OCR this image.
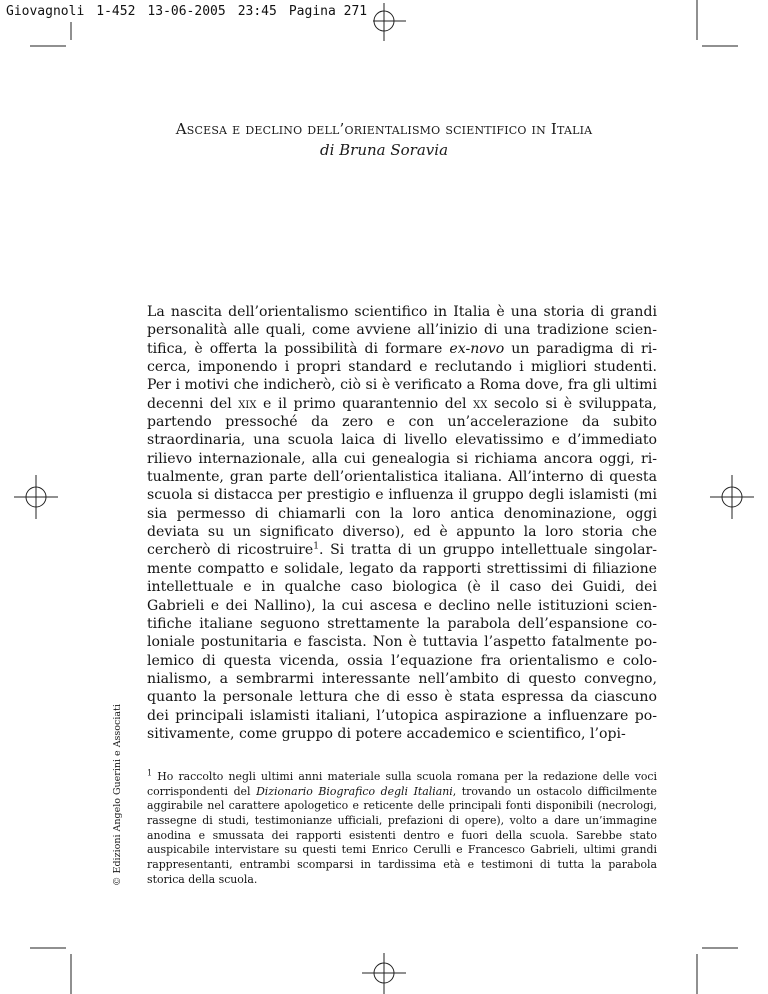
Giovagnoli 1-452 13-06-2005 23:45 Pagina 271
Ascesa e declino dell’orientalismo scientifico in Italia
di Bruna Soravia
La nascita dell’orientalismo scientifico in Italia è una storia di grandi personalità alle quali, come avviene all’inizio di una tradizione scientifica, è offerta la possibilità di formare ex-novo un paradigma di ricerca, imponendo i propri standard e reclutando i migliori studenti. Per i motivi che indicherò, ciò si è verificato a Roma dove, fra gli ultimi decenni del xix e il primo quarantennio del xx secolo si è sviluppata, partendo pressoché da zero e con un’accelerazione da subito straordinaria, una scuola laica di livello elevatissimo e d’immediato rilievo internazionale, alla cui genealogia si richiama ancora oggi, ritualmente, gran parte dell’orientalistica italiana. All’interno di questa scuola si distacca per prestigio e influenza il gruppo degli islamisti (mi sia permesso di chiamarli con la loro antica denominazione, oggi deviata su un significato diverso), ed è appunto la loro storia che cercherò di ricostruire$^1$. Si tratta di un gruppo intellettuale singolarmente compatto e solidale, legato da rapporti strettissimi di filiazione intellettuale e in qualche caso biologica (è il caso dei Guidi, dei Gabrieli e dei Nallino), la cui ascesa e declino nelle istituzioni scientifiche italiane seguono strettamente la parabola dell’espansione coloniale postunitaria e fascista. Non è tuttavia l’aspetto fatalmente polemico di questa vicenda, ossia l’equazione fra orientalismo e colonialismo, a sembrarmi interessante nell’ambito di questo convegno, quanto la personale lettura che di esso è stata espressa da ciascuno dei principali islamisti italiani, l’utopica aspirazione a influenzare positivamente, come gruppo di potere accademico e scientifico, l’opi-
$^1$ Ho raccolto negli ultimi anni materiale sulla scuola romana per la redazione delle voci corrispondenti del Dizionario Biografico degli Italiani, trovando un ostacolo difficilmente aggirabile nel carattere apologetico e reticente delle principali fonti disponibili (necrologi, rassegne di studi, testimonianze ufficiali, prefazioni di opere), volto a dare un’immagine anodina e smussata dei rapporti esistenti dentro e fuori della scuola. Sarebbe stato auspicabile intervistare su questi temi Enrico Cerulli e Francesco Gabrieli, ultimi grandi rappresentanti, entrambi scomparsi in tardissima età e testimoni di tutta la parabola storica della scuola.
© Edizioni Angelo Guerini e Associati
